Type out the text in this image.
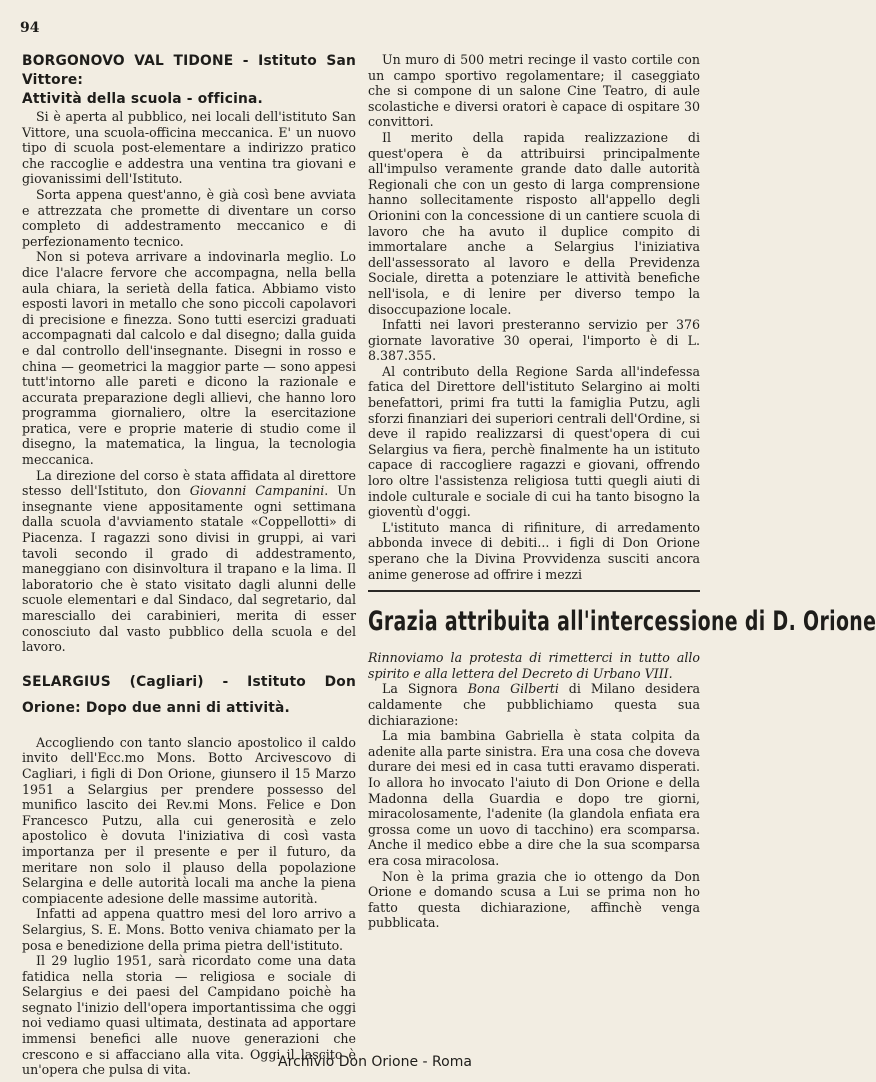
94

BORGONOVO VAL TIDONE - Istituto San Vittore:
Attività della scuola - officina.

Si è aperta al pubblico, nei locali dell'istituto San Vittore, una scuola-officina meccanica. E' un nuovo tipo di scuola post-elementare a indirizzo pratico che raccoglie e addestra una ventina tra giovani e giovanissimi dell'Istituto.

Sorta appena quest'anno, è già così bene avviata e attrezzata che promette di diventare un corso completo di addestramento meccanico e di perfezionamento tecnico.

Non si poteva arrivare a indovinarla meglio. Lo dice l'alacre fervore che accompagna, nella bella aula chiara, la serietà della fatica. Abbiamo visto esposti lavori in metallo che sono piccoli capolavori di precisione e finezza. Sono tutti esercizi graduati accompagnati dal calcolo e dal disegno; dalla guida e dal controllo dell'insegnante. Disegni in rosso e china — geometrici la maggior parte — sono appesi tutt'intorno alle pareti e dicono la razionale e accurata preparazione degli allievi, che hanno loro programma giornaliero, oltre la esercitazione pratica, vere e proprie materie di studio come il disegno, la matematica, la lingua, la tecnologia meccanica.

La direzione del corso è stata affidata al direttore stesso dell'Istituto, don Giovanni Campanini. Un insegnante viene appositamente ogni settimana dalla scuola d'avviamento statale «Coppellotti» di Piacenza. I ragazzi sono divisi in gruppi, ai vari tavoli secondo il grado di addestramento, maneggiano con disinvoltura il trapano e la lima. Il laboratorio che è stato visitato dagli alunni delle scuole elementari e dal Sindaco, dal segretario, dal maresciallo dei carabinieri, merita di esser conosciuto dal vasto pubblico della scuola e del lavoro.

SELARGIUS (Cagliari) - Istituto Don Orione: Dopo due anni di attività.

Accogliendo con tanto slancio apostolico il caldo invito dell'Ecc.mo Mons. Botto Arcivescovo di Cagliari, i figli di Don Orione, giunsero il 15 Marzo 1951 a Selargius per prendere possesso del munifico lascito dei Rev.mi Mons. Felice e Don Francesco Putzu, alla cui generosità e zelo apostolico è dovuta l'iniziativa di così vasta importanza per il presente e per il futuro, da meritare non solo il plauso della popolazione Selargina e delle autorità locali ma anche la piena compiacente adesione delle massime autorità.

Infatti ad appena quattro mesi del loro arrivo a Selargius, S. E. Mons. Botto veniva chiamato per la posa e benedizione della prima pietra dell'istituto.

Il 29 luglio 1951, sarà ricordato come una data fatidica nella storia — religiosa e sociale di Selargius e dei paesi del Campidano poichè ha segnato l'inizio dell'opera importantissima che oggi noi vediamo quasi ultimata, destinata ad apportare immensi benefici alle nuove generazioni che crescono e si affacciano alla vita. Oggi il lascito è un'opera che pulsa di vita.

Un muro di 500 metri recinge il vasto cortile con un campo sportivo regolamentare; il caseggiato che si compone di un salone Cine Teatro, di aule scolastiche e diversi oratori è capace di ospitare 30 convittori.

Il merito della rapida realizzazione di quest'opera è da attribuirsi principalmente all'impulso veramente grande dato dalle autorità Regionali che con un gesto di larga comprensione hanno sollecitamente risposto all'appello degli Orionini con la concessione di un cantiere scuola di lavoro che ha avuto il duplice compito di immortalare anche a Selargius l'iniziativa dell'assessorato al lavoro e della Previdenza Sociale, diretta a potenziare le attività benefiche nell'isola, e di lenire per diverso tempo la disoccupazione locale.

Infatti nei lavori presteranno servizio per 376 giornate lavorative 30 operai, l'importo è di L. 8.387.355.

Al contributo della Regione Sarda all'indefessa fatica del Direttore dell'istituto Selargino ai molti benefattori, primi fra tutti la famiglia Putzu, agli sforzi finanziari dei superiori centrali dell'Ordine, si deve il rapido realizzarsi di quest'opera di cui Selargius va fiera, perchè finalmente ha un istituto capace di raccogliere ragazzi e giovani, offrendo loro oltre l'assistenza religiosa tutti quegli aiuti di indole culturale e sociale di cui ha tanto bisogno la gioventù d'oggi.

L'istituto manca di rifiniture, di arredamento abbonda invece di debiti... i figli di Don Orione sperano che la Divina Provvidenza susciti ancora anime generose ad offrire i mezzi

Grazia attribuita all'intercessione di D. Orione

Rinnoviamo la protesta di rimetterci in tutto allo spirito e alla lettera del Decreto di Urbano VIII.

La Signora Bona Gilberti di Milano desidera caldamente che pubblichiamo questa sua dichiarazione:

La mia bambina Gabriella è stata colpita da adenite alla parte sinistra. Era una cosa che doveva durare dei mesi ed in casa tutti eravamo disperati. Io allora ho invocato l'aiuto di Don Orione e della Madonna della Guardia e dopo tre giorni, miracolosamente, l'adenite (la glandola enfiata era grossa come un uovo di tacchino) era scomparsa. Anche il medico ebbe a dire che la sua scomparsa era cosa miracolosa.

Non è la prima grazia che io ottengo da Don Orione e domando scusa a Lui se prima non ho fatto questa dichiarazione, affinchè venga pubblicata.

Archivio Don Orione - Roma
